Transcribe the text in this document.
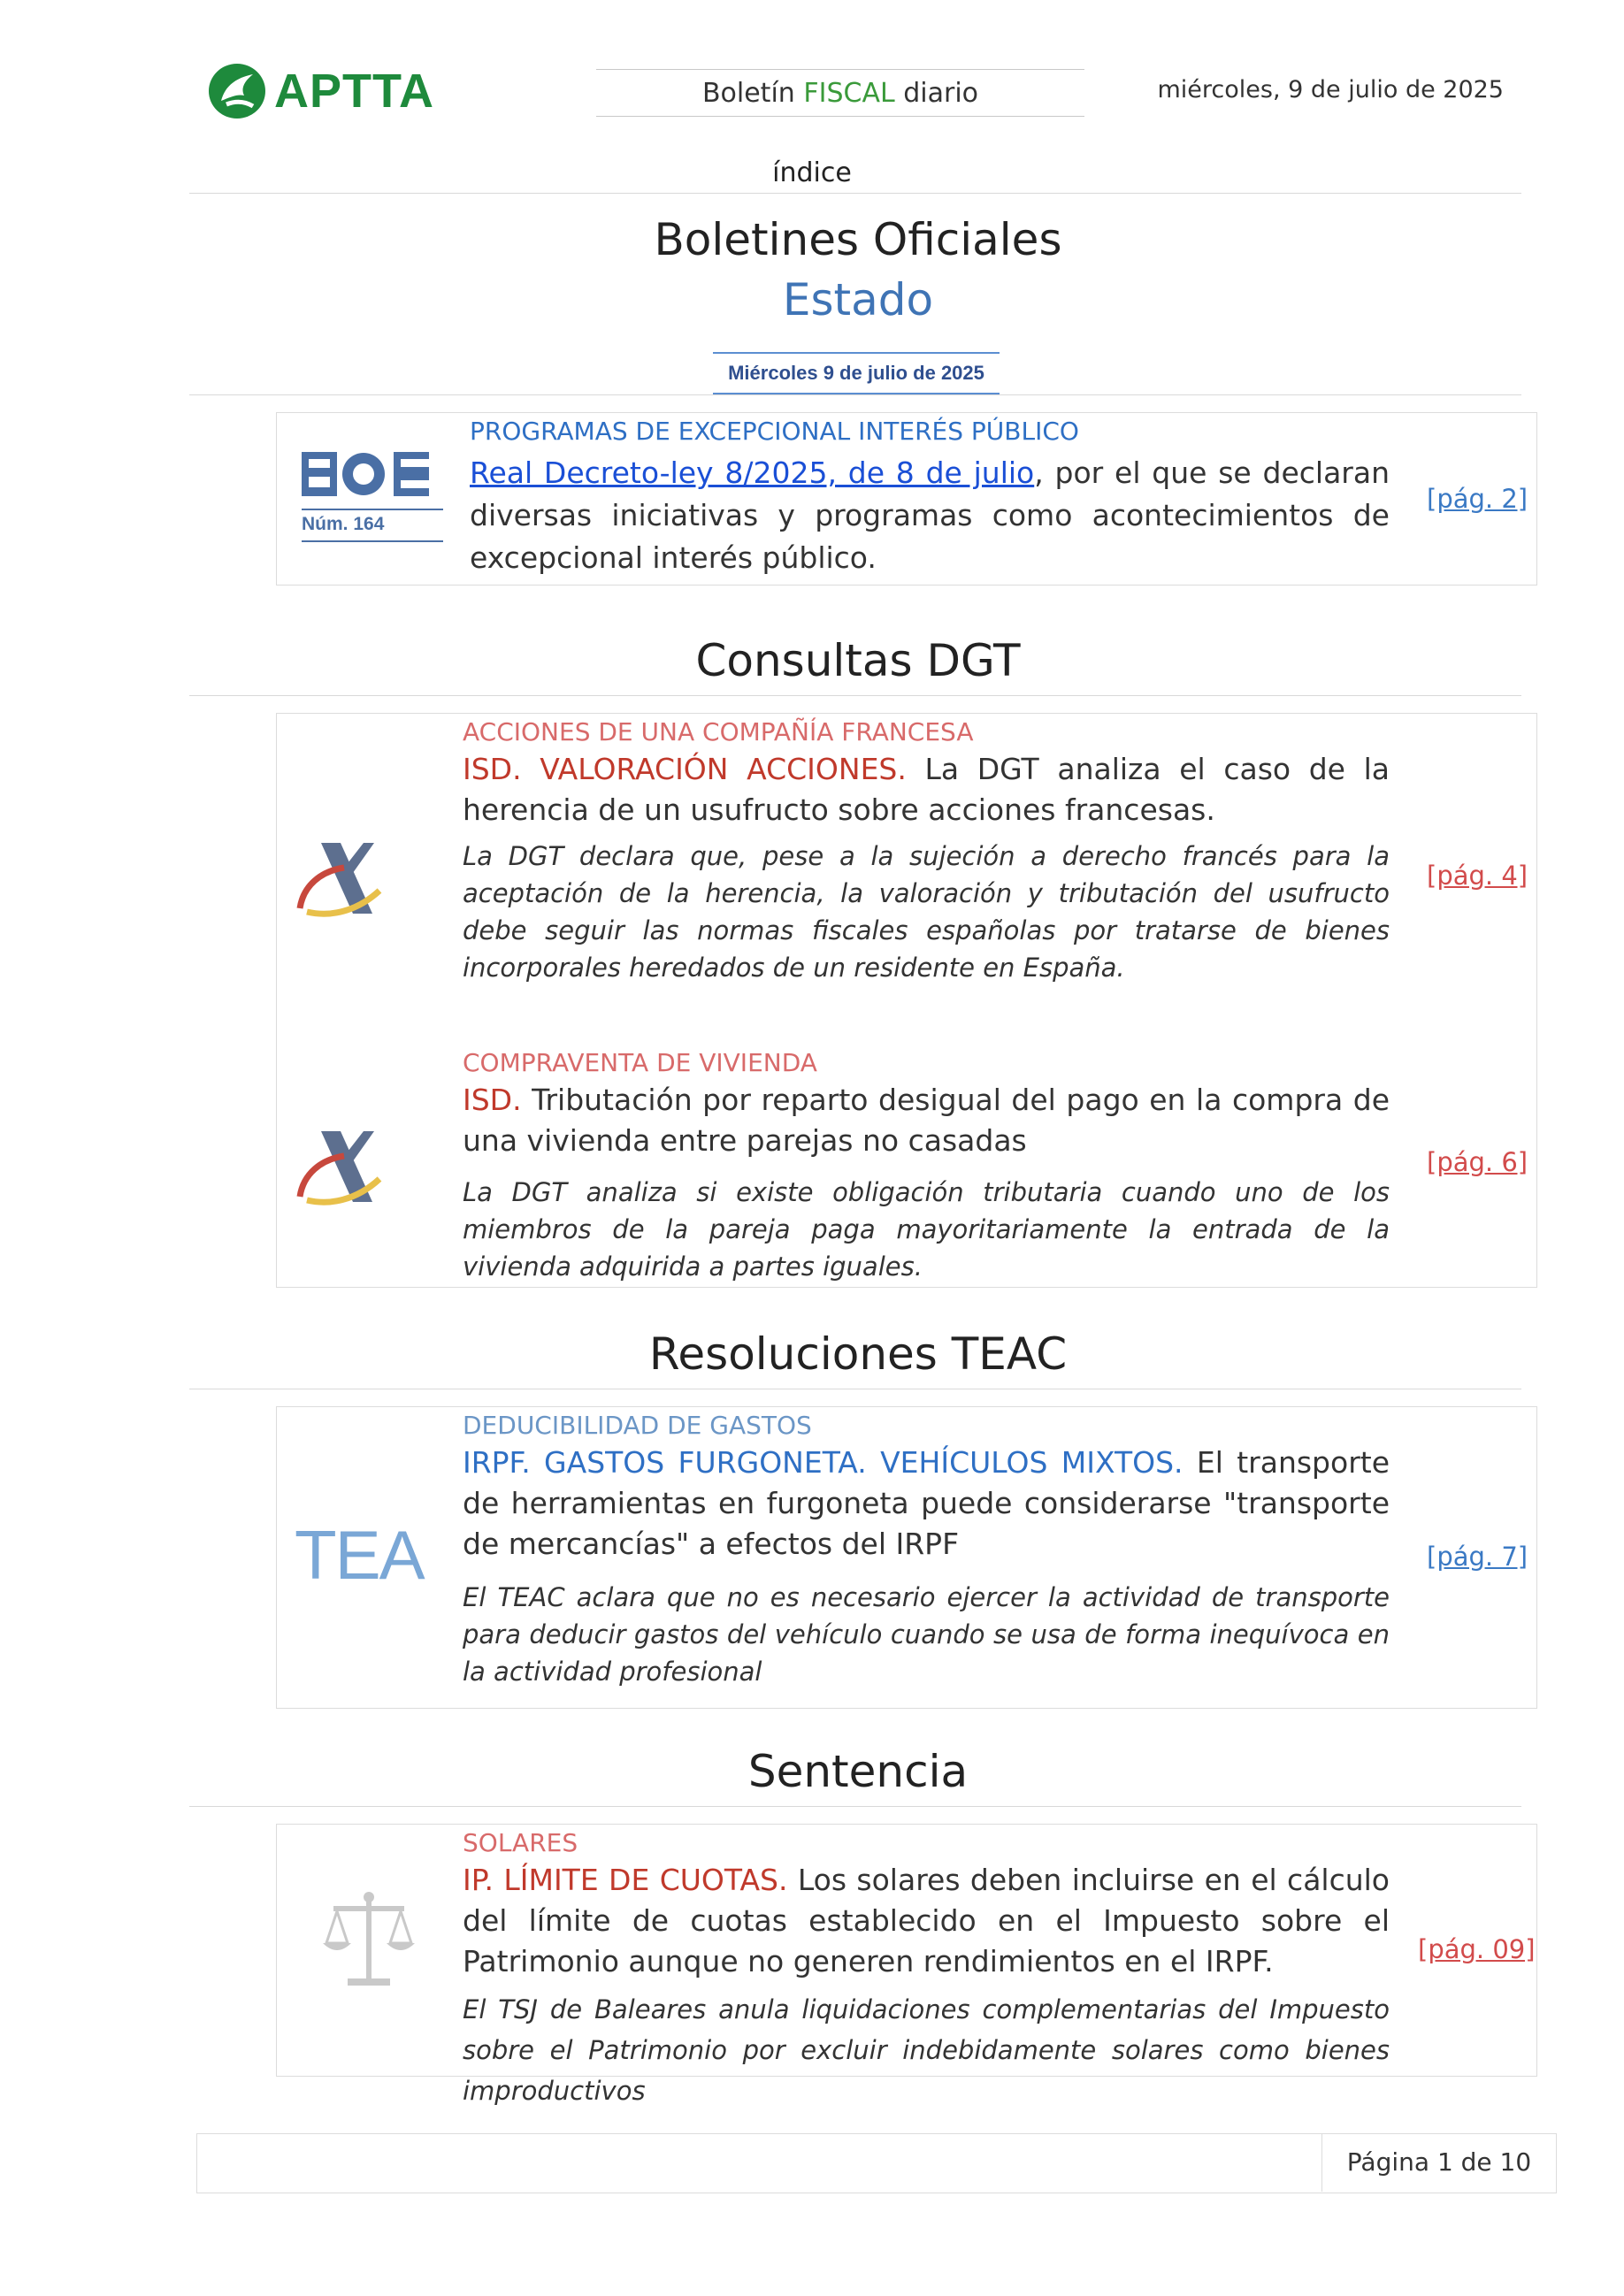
APTTA	Boletín FISCAL diario	miércoles, 9 de julio de 2025
índice
Boletines Oficiales
Estado
Miércoles 9 de julio de 2025
Núm. 164
PROGRAMAS DE EXCEPCIONAL INTERÉS PÚBLICO
Real Decreto-ley 8/2025, de 8 de julio, por el que se declaran diversas iniciativas y programas como acontecimientos de excepcional interés público.
[pág. 2]
Consultas DGT
ACCIONES DE UNA COMPAÑÍA FRANCESA
ISD. VALORACIÓN ACCIONES. La DGT analiza el caso de la herencia de un usufructo sobre acciones francesas.
La DGT declara que, pese a la sujeción a derecho francés para la aceptación de la herencia, la valoración y tributación del usufructo debe seguir las normas fiscales españolas por tratarse de bienes incorporales heredados de un residente en España.
[pág. 4]
COMPRAVENTA DE VIVIENDA
ISD. Tributación por reparto desigual del pago en la compra de una vivienda entre parejas no casadas
La DGT analiza si existe obligación tributaria cuando uno de los miembros de la pareja paga mayoritariamente la entrada de la vivienda adquirida a partes iguales.
[pág. 6]
Resoluciones TEAC
TEA
DEDUCIBILIDAD DE GASTOS
IRPF. GASTOS FURGONETA. VEHÍCULOS MIXTOS. El transporte de herramientas en furgoneta puede considerarse "transporte de mercancías" a efectos del IRPF
El TEAC aclara que no es necesario ejercer la actividad de transporte para deducir gastos del vehículo cuando se usa de forma inequívoca en la actividad profesional
[pág. 7]
Sentencia
SOLARES
IP. LÍMITE DE CUOTAS. Los solares deben incluirse en el cálculo del límite de cuotas establecido en el Impuesto sobre el Patrimonio aunque no generen rendimientos en el IRPF.
El TSJ de Baleares anula liquidaciones complementarias del Impuesto sobre el Patrimonio por excluir indebidamente solares como bienes improductivos
[pág. 09]
Página 1 de 10
